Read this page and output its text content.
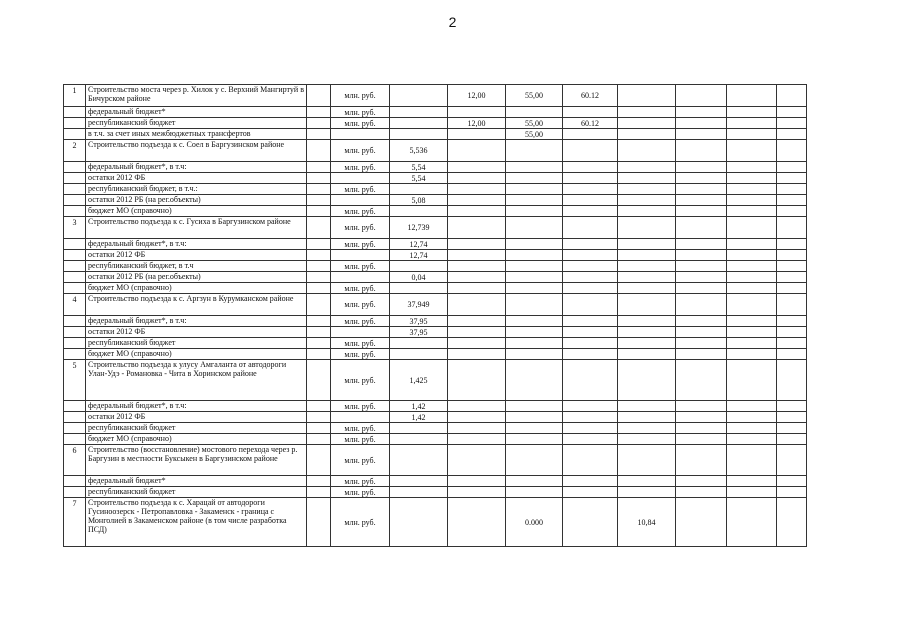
2
1	Строительство моста через р. Хилок у с. Верхний Мангиртуй в Бичурском районе		млн. руб.		12,00	55,00	60.12				
	федеральный бюджет*		млн. руб.								
	республиканский бюджет		млн. руб.		12,00	55,00	60.12				
	в т.ч. за счет иных межбюджетных трансфертов					55,00					
2	Строительство подъезда к с. Соел в Баргузинском районе		млн. руб.	5,536							
	федеральный бюджет*, в т.ч:		млн. руб.	5,54							
	остатки 2012 ФБ			5,54							
	республиканский бюджет, в т.ч.:		млн. руб.								
	остатки 2012 РБ (на рег.объекты)			5,08							
	бюджет МО (справочно)		млн. руб.								
3	Строительство подъезда к с. Гусиха в Баргузинском районе		млн. руб.	12,739							
	федеральный бюджет*, в т.ч:		млн. руб.	12,74							
	остатки 2012 ФБ			12,74							
	республиканский бюджет, в т.ч		млн. руб.								
	остатки 2012 РБ (на рег.объекты)			0,04							
	бюджет МО (справочно)		млн. руб.								
4	Строительство подъезда к с. Аргзун в Курумканском районе		млн. руб.	37,949							
	федеральный бюджет*, в т.ч:		млн. руб.	37,95							
	остатки 2012 ФБ			37,95							
	республиканский бюджет		млн. руб.								
	бюджет МО (справочно)		млн. руб.								
5	Строительство подъезда к улусу Амгаланта от автодороги Улан-Удэ - Романовка - Чита в Хоринском районе		млн. руб.	1,425							
	федеральный бюджет*, в т.ч:		млн. руб.	1,42							
	остатки 2012 ФБ			1,42							
	республиканский бюджет		млн. руб.								
	бюджет МО (справочно)		млн. руб.								
6	Строительство (восстановление) мостового перехода через р. Баргузин в местности Буксыкен в Баргузинском районе		млн. руб.								
	федеральный бюджет*		млн. руб.								
	республиканский бюджет		млн. руб.								
7	Строительство подъезда к с. Харацай от автодороги Гусиноозерск - Петропавловка - Закаменск - граница с Монголией в Закаменском районе (в том числе разработка ПСД)		млн. руб.			0.000		10,84			
